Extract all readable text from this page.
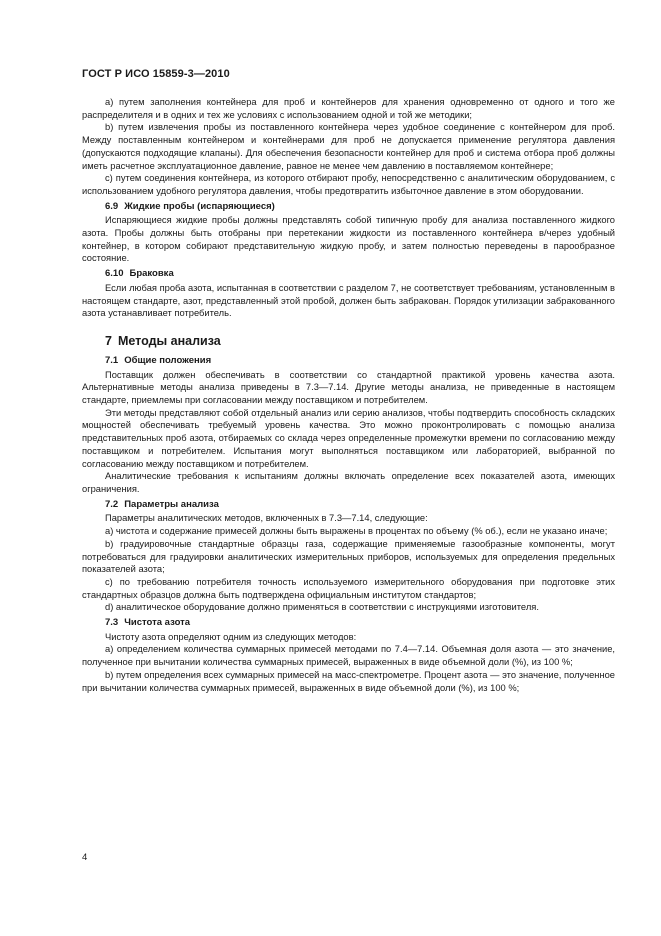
ГОСТ Р ИСО 15859-3—2010

a) путем заполнения контейнера для проб и контейнеров для хранения одновременно от одного и того же распределителя и в одних и тех же условиях с использованием одной и той же методики;

b) путем извлечения пробы из поставленного контейнера через удобное соединение с контейнером для проб. Между поставленным контейнером и контейнерами для проб не допускается применение регулятора давления (допускаются подходящие клапаны). Для обеспечения безопасности контейнер для проб и система отбора проб должны иметь расчетное эксплуатационное давление, равное не менее чем давлению в поставляемом контейнере;

c) путем соединения контейнера, из которого отбирают пробу, непосредственно с аналитическим оборудованием, с использованием удобного регулятора давления, чтобы предотвратить избыточное давление в этом оборудовании.

6.9 Жидкие пробы (испаряющиеся)

Испаряющиеся жидкие пробы должны представлять собой типичную пробу для анализа поставленного жидкого азота. Пробы должны быть отобраны при перетекании жидкости из поставленного контейнера в/через удобный контейнер, в котором собирают представительную жидкую пробу, и затем полностью переведены в парообразное состояние.

6.10 Браковка

Если любая проба азота, испытанная в соответствии с разделом 7, не соответствует требованиям, установленным в настоящем стандарте, азот, представленный этой пробой, должен быть забракован. Порядок утилизации забракованного азота устанавливает потребитель.

7 Методы анализа
7.1 Общие положения

Поставщик должен обеспечивать в соответствии со стандартной практикой уровень качества азота. Альтернативные методы анализа приведены в 7.3—7.14. Другие методы анализа, не приведенные в настоящем стандарте, приемлемы при согласовании между поставщиком и потребителем.

Эти методы представляют собой отдельный анализ или серию анализов, чтобы подтвердить способность складских мощностей обеспечивать требуемый уровень качества. Это можно проконтролировать с помощью анализа представительных проб азота, отбираемых со склада через определенные промежутки времени по согласованию между поставщиком и потребителем. Испытания могут выполняться поставщиком или лабораторией, выбранной по согласованию между поставщиком и потребителем.

Аналитические требования к испытаниям должны включать определение всех показателей азота, имеющих ограничения.

7.2 Параметры анализа

Параметры аналитических методов, включенных в 7.3—7.14, следующие:

a) чистота и содержание примесей должны быть выражены в процентах по объему (% об.), если не указано иначе;

b) градуировочные стандартные образцы газа, содержащие применяемые газообразные компоненты, могут потребоваться для градуировки аналитических измерительных приборов, используемых для определения предельных показателей азота;

c) по требованию потребителя точность используемого измерительного оборудования при подготовке этих стандартных образцов должна быть подтверждена официальным институтом стандартов;

d) аналитическое оборудование должно применяться в соответствии с инструкциями изготовителя.

7.3 Чистота азота

Чистоту азота определяют одним из следующих методов:

a) определением количества суммарных примесей методами по 7.4—7.14. Объемная доля азота — это значение, полученное при вычитании количества суммарных примесей, выраженных в виде объемной доли (%), из 100 %;

b) путем определения всех суммарных примесей на масс-спектрометре. Процент азота — это значение, полученное при вычитании количества суммарных примесей, выраженных в виде объемной доли (%), из 100 %;

4
